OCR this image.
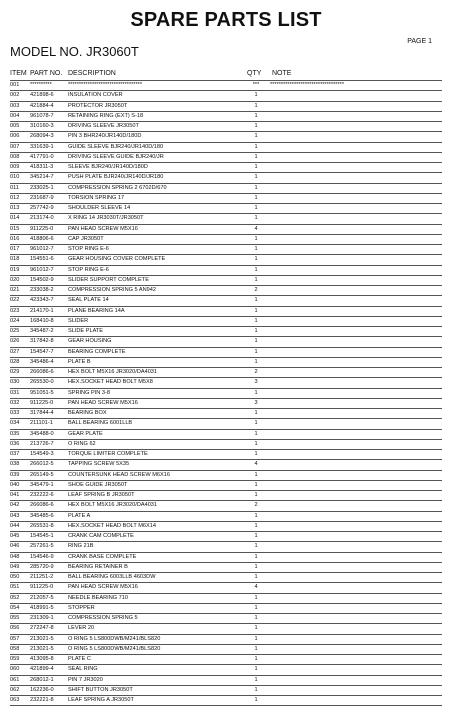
SPARE PARTS LIST
MODEL NO. JR3060T
PAGE 1
ITEM PART NO. DESCRIPTION	QTY NOTE
001 **********	**********************************	***	**********************************
002 421898-6	INSULATION COVER	1
003 421884-4	PROTECTOR JR3050T	1
004 961078-7	RETAINING RING (EXT) S-18	1
005 310160-3	DRIVING SLEEVE JR3050T	1
006 268094-3	PIN 3 BHR240/JR140D/180D	1
007 331639-1	GUIDE SLEEVE BJR240/JR140D/180	1
008 417791-0	DRIVING SLEEVE GUIDE BJR240/JR	1
009 418311-3	SLEEVE BJR240/JR140D/180D	1
010 345214-7	PUSH PLATE BJR240/JR140D/JR180	1
011 233025-1	COMPRESSION SPRING 2 6702D/670	1
012 231687-9	TORSION SPRING 17	1
013 257742-9	SHOULDER SLEEVE 14	1
014 213174-0	X RING 14 JR3030T/JR3050T	1
015 911225-0	PAN HEAD SCREW M5X16	4
016 418806-6	CAP JR3050T	1
017 961012-7	STOP RING E-6	1
018 154551-6	GEAR HOUSING COVER COMPLETE	1
019 961012-7	STOP RING E-6	1
020 154502-9	SLIDER SUPPORT COMPLETE	1
021 233038-2	COMPRESSION SPRING 5 AN942	2
022 423343-7	SEAL PLATE 14	1
023 214170-1	PLANE BEARING 14A	1
024 168410-8	SLIDER	1
025 345487-2	SLIDE PLATE	1
026 317842-8	GEAR HOUSING	1
027 154547-7	BEARING COMPLETE	1
028 345486-4	PLATE B	1
029 266086-6	HEX BOLT M5X16 JR3020/DA4031	2
030 265530-0	HEX.SOCKET HEAD BOLT M5X8	3
031 951051-5	SPRING PIN 3-8	1
032 911225-0	PAN HEAD SCREW M5X16	3
033 317844-4	BEARING BOX	1
034 211101-1	BALL BEARING 6001LLB	1
035 345488-0	GEAR PLATE	1
036 213726-7	O RING 62	1
037 154549-3	TORQUE LIMITER COMPLETE	1
038 266012-5	TAPPING SCREW 5X35	4
039 265149-5	COUNTERSUNK HEAD SCREW M6X16	1
040 345479-1	SHOE GUIDE JR3050T	1
041 232222-6	LEAF SPRING B JR3050T	1
042 266086-6	HEX BOLT M5X16 JR3020/DA4031	2
043 345485-6	PLATE A	1
044 265531-8	HEX.SOCKET HEAD BOLT M6X14	1
045 154545-1	CRANK CAM COMPLETE	1
046 257261-5	RING 21B	1
048 154546-9	CRANK BASE COMPLETE	1
049 285720-9	BEARING RETAINER B	1
050 211251-2	BALL BEARING 6003LLB 4603DW	1
051 911225-0	PAN HEAD SCREW M5X16	4
052 212057-5	NEEDLE BEARING 710	1
054 418991-5	STOPPER	1
055 231309-1	COMPRESSION SPRING 5	1
056 272247-8	LEVER 20	1
057 213021-5	O RING 5 LS800DWB/M241/BLS820	1
058 213021-5	O RING 5 LS800DWB/M241/BLS820	1
059 413095-8	PLATE C	1
060 421899-4	SEAL RING	1
061 268012-1	PIN 7 JR3020	1
062 162236-0	SHIFT BUTTON JR3050T	1
063 232221-8	LEAF SPRING A JR3050T	1
